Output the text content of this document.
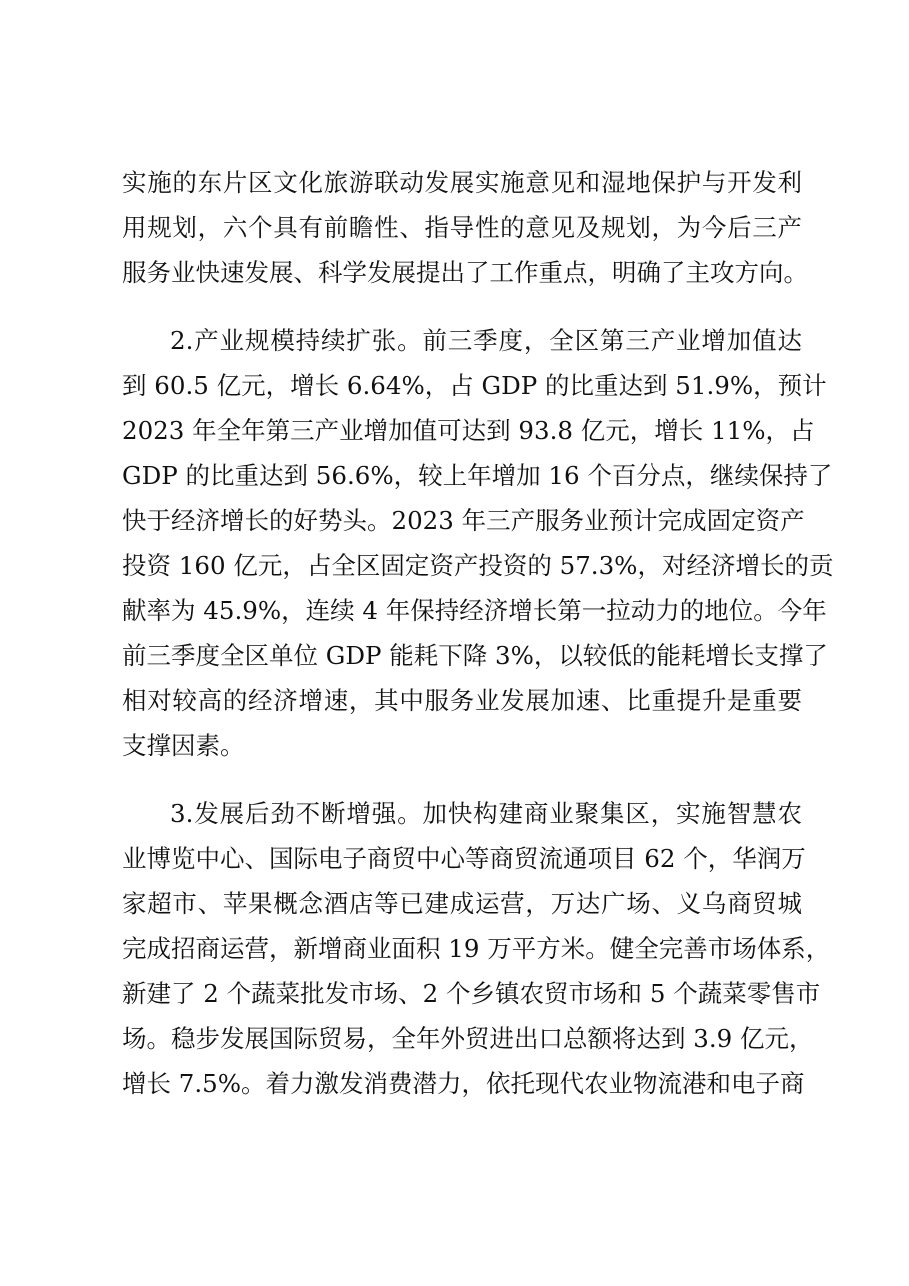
实施的东片区文化旅游联动发展实施意见和湿地保护与开发利
用规划，六个具有前瞻性、指导性的意见及规划，为今后三产
服务业快速发展、科学发展提出了工作重点，明确了主攻方向。
2.产业规模持续扩张。前三季度，全区第三产业增加值达
到 60.5 亿元，增长 6.64%，占 GDP 的比重达到 51.9%，预计
2023 年全年第三产业增加值可达到 93.8 亿元，增长 11%，占
GDP 的比重达到 56.6%，较上年增加 16 个百分点，继续保持了
快于经济增长的好势头。2023 年三产服务业预计完成固定资产
投资 160 亿元，占全区固定资产投资的 57.3%，对经济增长的贡
献率为 45.9%，连续 4 年保持经济增长第一拉动力的地位。今年
前三季度全区单位 GDP 能耗下降 3%，以较低的能耗增长支撑了
相对较高的经济增速，其中服务业发展加速、比重提升是重要
支撑因素。
3.发展后劲不断增强。加快构建商业聚集区，实施智慧农
业博览中心、国际电子商贸中心等商贸流通项目 62 个，华润万
家超市、苹果概念酒店等已建成运营，万达广场、义乌商贸城
完成招商运营，新增商业面积 19 万平方米。健全完善市场体系，
新建了 2 个蔬菜批发市场、2 个乡镇农贸市场和 5 个蔬菜零售市
场。稳步发展国际贸易，全年外贸进出口总额将达到 3.9 亿元，
增长 7.5%。着力激发消费潜力，依托现代农业物流港和电子商
